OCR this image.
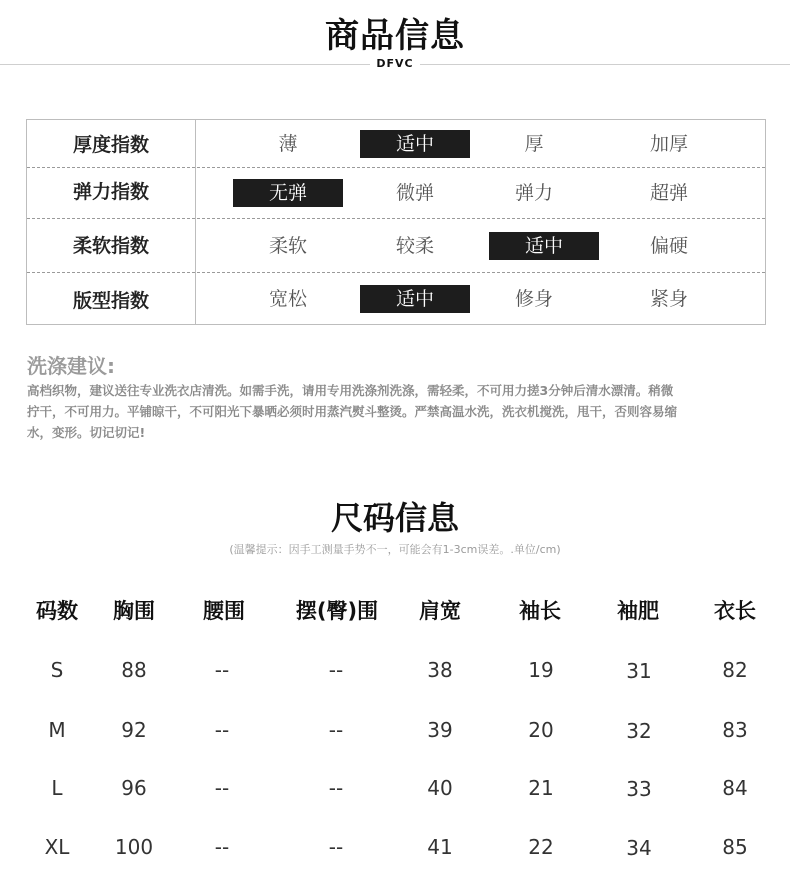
商品信息
DFVC
厚度指数	薄	适中	厚	加厚
弹力指数	无弹	微弹	弹力	超弹
柔软指数	柔软	较柔	适中	偏硬
版型指数	宽松	适中	修身	紧身
洗涤建议:
高档织物，建议送往专业洗衣店清洗。如需手洗，请用专用洗涤剂洗涤，需轻柔，不可用力搓3分钟后清水漂清。稍微
拧干，不可用力。平铺晾干，不可阳光下暴晒必须时用蒸汽熨斗整烫。严禁高温水洗，洗衣机搅洗，甩干，否则容易缩
水，变形。切记切记!
尺码信息
(温馨提示：因手工测量手势不一，可能会有1-3cm误差。.单位/cm)
码数 胸围 腰围 摆(臀)围 肩宽	袖长	袖肥	衣长
S	88	--	--	38	19	31	82
M	92	--	--	39	20	32	83
L	96	--	--	40	21	33	84
XL 100	--	--	41	22	34	85
